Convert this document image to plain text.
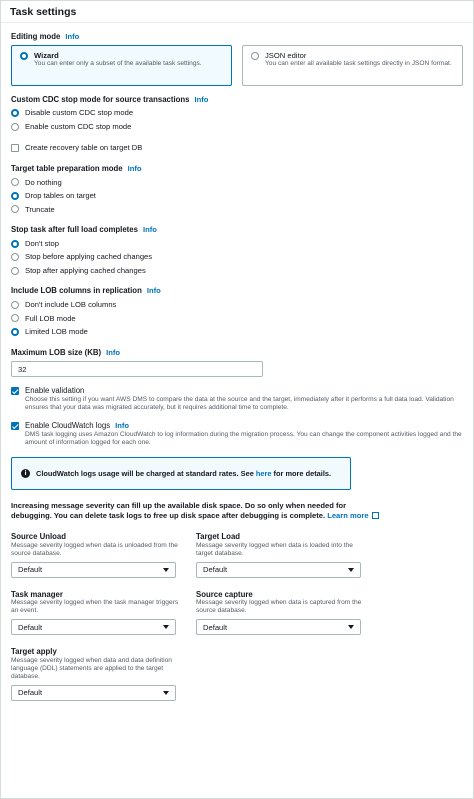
Task settings
Editing mode Info
Wizard
You can enter only a subset of the available task settings.
JSON editor
You can enter all available task settings directly in JSON format.
Custom CDC stop mode for source transactions Info
Disable custom CDC stop mode
Enable custom CDC stop mode
Create recovery table on target DB
Target table preparation mode Info
Do nothing
Drop tables on target
Truncate
Stop task after full load completes Info
Don't stop
Stop before applying cached changes
Stop after applying cached changes
Include LOB columns in replication Info
Don't include LOB columns
Full LOB mode
Limited LOB mode
Maximum LOB size (KB) Info
32
Enable validation
Choose this setting if you want AWS DMS to compare the data at the source and the target, immediately after it performs a full data load. Validation ensures that your data was migrated accurately, but it requires additional time to complete.
Enable CloudWatch logs Info
DMS task logging uses Amazon CloudWatch to log information during the migration process. You can change the component activities logged and the amount of information logged for each one.
i	CloudWatch logs usage will be charged at standard rates. See here for more details.
Increasing message severity can fill up the available disk space. Do so only when needed for debugging. You can delete task logs to free up disk space after debugging is complete. Learn more
Source Unload
Message severity logged when data is unloaded from the source database.
Default
Target Load
Message severity logged when data is loaded into the target database.
Default
Task manager
Message severity logged when the task manager triggers an event.
Default
Source capture
Message severity logged when data is captured from the source database.
Default
Target apply
Message severity logged when data and data definition language (DDL) statements are applied to the target database.
Default
